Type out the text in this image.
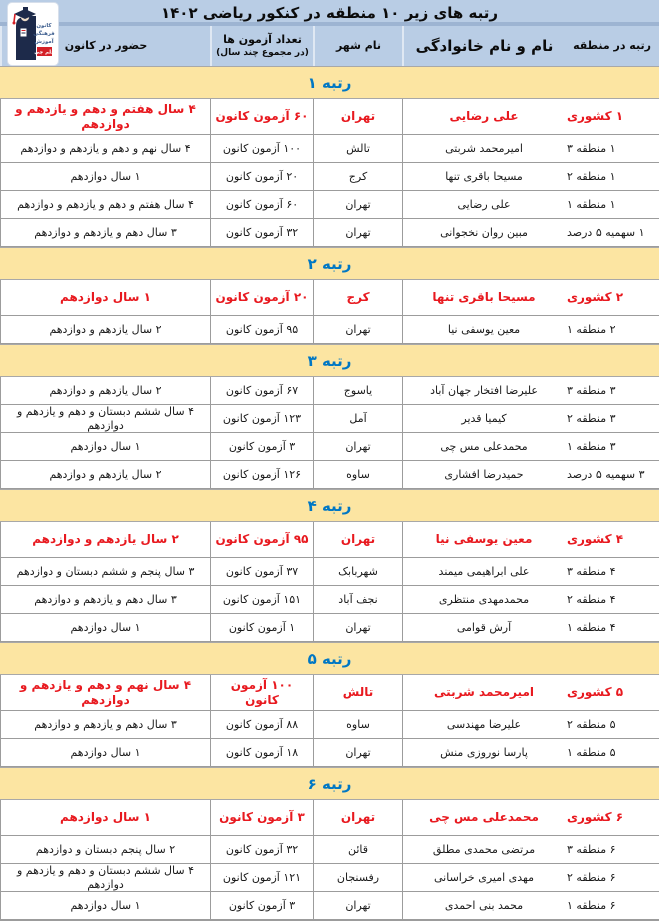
کانون
فرهنگی
آموزش
قلم چی
رتبه های زیر ۱۰ منطقه در کنکور ریاضی ۱۴۰۲
رتبه در منطقه
نام و نام خانوادگی
نام شهر
تعداد آزمون ها
(در مجموع چند سال)
حضور در کانون
رتبه ۱
۱ کشوری
علی رضایی
تهران
۶۰ آزمون کانون
۴ سال هفتم و دهم و یازدهم و دوازدهم
۱ منطقه ۳
امیرمحمد شربتی
تالش
۱۰۰ آزمون کانون
۴ سال نهم و دهم و یازدهم و دوازدهم
۱ منطقه ۲
مسیحا باقری تنها
کرج
۲۰ آزمون کانون
۱ سال دوازدهم
۱ منطقه ۱
علی رضایی
تهران
۶۰ آزمون کانون
۴ سال هفتم و دهم و یازدهم و دوازدهم
۱ سهمیه ۵ درصد
مبین روان نخجوانی
تهران
۳۲ آزمون کانون
۳ سال دهم و یازدهم و دوازدهم
رتبه ۲
۲ کشوری
مسیحا باقری تنها
کرج
۲۰ آزمون کانون
۱ سال دوازدهم
۲ منطقه ۱
معین یوسفی نیا
تهران
۹۵ آزمون کانون
۲ سال یازدهم و دوازدهم
رتبه ۳
۳ منطقه ۳
علیرضا افتخار جهان آباد
یاسوج
۶۷ آزمون کانون
۲ سال یازدهم و دوازدهم
۳ منطقه ۲
کیمیا قدیر
آمل
۱۲۳ آزمون کانون
۴ سال ششم دبستان و دهم و یازدهم و دوازدهم
۳ منطقه ۱
محمدعلی مس چی
تهران
۳ آزمون کانون
۱ سال دوازدهم
۳ سهمیه ۵ درصد
حمیدرضا افشاری
ساوه
۱۲۶ آزمون کانون
۲ سال یازدهم و دوازدهم
رتبه ۴
۴ کشوری
معین یوسفی نیا
تهران
۹۵ آزمون کانون
۲ سال یازدهم و دوازدهم
۴ منطقه ۳
علی ابراهیمی میمند
شهربابک
۳۷ آزمون کانون
۳ سال پنجم و ششم دبستان و دوازدهم
۴ منطقه ۲
محمدمهدی منتظری
نجف آباد
۱۵۱ آزمون کانون
۳ سال دهم و یازدهم و دوازدهم
۴ منطقه ۱
آرش قوامی
تهران
۱ آزمون کانون
۱ سال دوازدهم
رتبه ۵
۵ کشوری
امیرمحمد شربتی
تالش
۱۰۰ آزمون کانون
۴ سال نهم و دهم و یازدهم و دوازدهم
۵ منطقه ۲
علیرضا مهندسی
ساوه
۸۸ آزمون کانون
۳ سال دهم و یازدهم و دوازدهم
۵ منطقه ۱
پارسا نوروزی منش
تهران
۱۸ آزمون کانون
۱ سال دوازدهم
رتبه ۶
۶ کشوری
محمدعلی مس چی
تهران
۳ آزمون کانون
۱ سال دوازدهم
۶ منطقه ۳
مرتضی محمدی مطلق
قائن
۳۲ آزمون کانون
۲ سال پنجم دبستان و دوازدهم
۶ منطقه ۲
مهدی امیری خراسانی
رفسنجان
۱۲۱ آزمون کانون
۴ سال ششم دبستان و دهم و یازدهم و دوازدهم
۶ منطقه ۱
محمد بنی احمدی
تهران
۳ آزمون کانون
۱ سال دوازدهم
